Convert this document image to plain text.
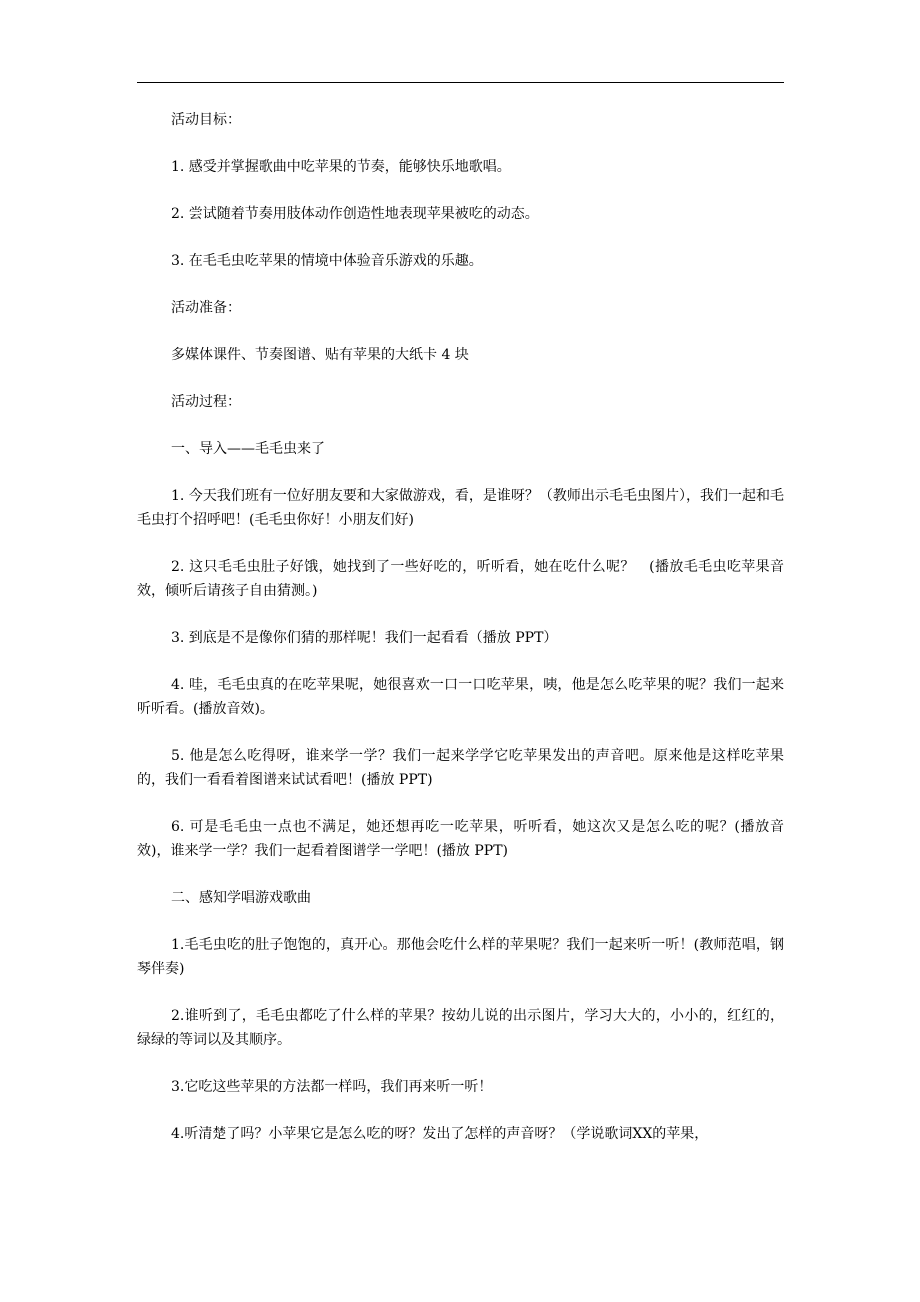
活动目标：

1. 感受并掌握歌曲中吃苹果的节奏，能够快乐地歌唱。

2. 尝试随着节奏用肢体动作创造性地表现苹果被吃的动态。

3. 在毛毛虫吃苹果的情境中体验音乐游戏的乐趣。

活动准备：

多媒体课件、节奏图谱、贴有苹果的大纸卡 4 块

活动过程：

一、导入——毛毛虫来了

1. 今天我们班有一位好朋友要和大家做游戏，看，是谁呀？（教师出示毛毛虫图片），我们一起和毛毛虫打个招呼吧！(毛毛虫你好！小朋友们好)

2. 这只毛毛虫肚子好饿，她找到了一些好吃的，听听看，她在吃什么呢？　(播放毛毛虫吃苹果音效，倾听后请孩子自由猜测。)

3. 到底是不是像你们猜的那样呢！我们一起看看（播放 PPT）

4. 哇，毛毛虫真的在吃苹果呢，她很喜欢一口一口吃苹果，咦，他是怎么吃苹果的呢？我们一起来听听看。(播放音效)。

5. 他是怎么吃得呀，谁来学一学？我们一起来学学它吃苹果发出的声音吧。原来他是这样吃苹果的，我们一看看着图谱来试试看吧！(播放 PPT)

6. 可是毛毛虫一点也不满足，她还想再吃一吃苹果，听听看，她这次又是怎么吃的呢？(播放音效)，谁来学一学？我们一起看着图谱学一学吧！(播放 PPT)

二、感知学唱游戏歌曲

1.毛毛虫吃的肚子饱饱的，真开心。那他会吃什么样的苹果呢？我们一起来听一听！(教师范唱，钢琴伴奏)

2.谁听到了，毛毛虫都吃了什么样的苹果？按幼儿说的出示图片，学习大大的，小小的，红红的，绿绿的等词以及其顺序。

3.它吃这些苹果的方法都一样吗，我们再来听一听！

4.听清楚了吗？小苹果它是怎么吃的呀？发出了怎样的声音呀？（学说歌词XX的苹果，
